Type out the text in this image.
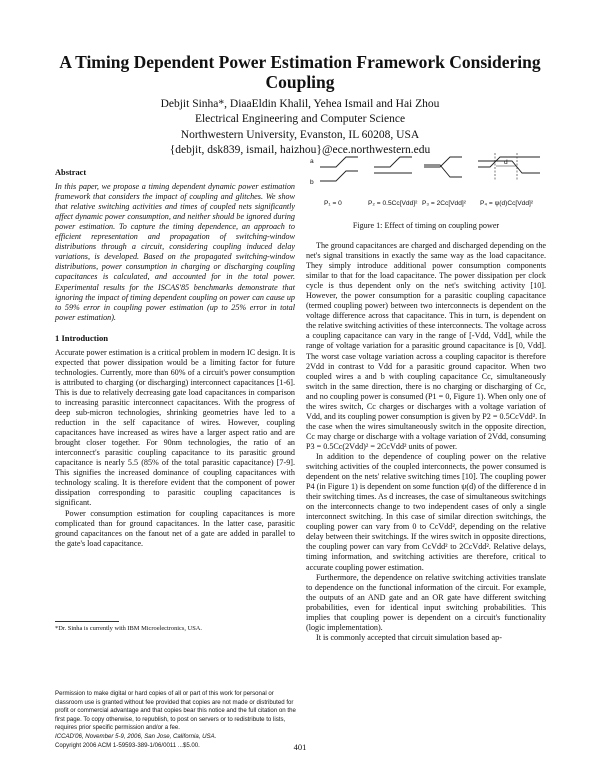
A Timing Dependent Power Estimation Framework Considering
Coupling
Debjit Sinha*, DiaaEldin Khalil, Yehea Ismail and Hai Zhou
Electrical Engineering and Computer Science
Northwestern University, Evanston, IL 60208, USA
{debjit, dsk839, ismail, haizhou}@ece.northwestern.edu

Abstract

In this paper, we propose a timing dependent dynamic power estimation framework that considers the impact of coupling and glitches. We show that relative switching activities and times of coupled nets significantly affect dynamic power consumption, and neither should be ignored during power estimation. To capture the timing dependence, an approach to efficient representation and propagation of switching-window distributions through a circuit, considering coupling induced delay variations, is developed. Based on the propagated switching-window distributions, power consumption in charging or discharging coupling capacitances is calculated, and accounted for in the total power. Experimental results for the ISCAS'85 benchmarks demonstrate that ignoring the impact of timing dependent coupling on power can cause up to 59% error in coupling power estimation (up to 25% error in total power estimation).

1 Introduction

Accurate power estimation is a critical problem in modern IC design. It is expected that power dissipation would be a limiting factor for future technologies. Currently, more than 60% of a circuit's power consumption is attributed to charging (or discharging) interconnect capacitances [1-6]. This is due to relatively decreasing gate load capacitances in comparison to increasing parasitic interconnect capacitances. With the progress of deep sub-micron technologies, shrinking geometries have led to a reduction in the self capacitance of wires. However, coupling capacitances have increased as wires have a larger aspect ratio and are brought closer together. For 90nm technologies, the ratio of an interconnect's parasitic coupling capacitance to its parasitic ground capacitance is nearly 5.5 (85% of the total parasitic capacitance) [7-9]. This signifies the increased dominance of coupling capacitances with technology scaling. It is therefore evident that the component of power dissipation corresponding to parasitic coupling capacitances is significant.

Power consumption estimation for coupling capacitances is more complicated than for ground capacitances. In the latter case, parasitic ground capacitances on the fanout net of a gate are added in parallel to the gate's load capacitance.

*Dr. Sinha is currently with IBM Microelectronics, USA.
Permission to make digital or hard copies of all or part of this work for personal or classroom use is granted without fee provided that copies are not made or distributed for profit or commercial advantage and that copies bear this notice and the full citation on the first page. To copy otherwise, to republish, to post on servers or to redistribute to lists, requires prior specific permission and/or a fee.
ICCAD'06, November 5-9, 2006, San Jose, California, USA.
Copyright 2006 ACM 1-59593-389-1/06/0011 ...$5.00.
a
b
d
P₁ = 0	P₂ = 0.5Cc[Vdd]² P₃ = 2Cc[Vdd]² P₄ = ψ(d)Cc[Vdd]²
Figure 1: Effect of timing on coupling power

The ground capacitances are charged and discharged depending on the net's signal transitions in exactly the same way as the load capacitance. They simply introduce additional power consumption components similar to that for the load capacitance. The power dissipation per clock cycle is thus dependent only on the net's switching activity [10]. However, the power consumption for a parasitic coupling capacitance (termed coupling power) between two interconnects is dependent on the voltage difference across that capacitance. This in turn, is dependent on the relative switching activities of these interconnects. The voltage across a coupling capacitance can vary in the range of [-Vdd, Vdd], while the range of voltage variation for a parasitic ground capacitance is [0, Vdd]. The worst case voltage variation across a coupling capacitor is therefore 2Vdd in contrast to Vdd for a parasitic ground capacitor. When two coupled wires a and b with coupling capacitance Cc, simultaneously switch in the same direction, there is no charging or discharging of Cc, and no coupling power is consumed (P1 = 0, Figure 1). When only one of the wires switch, Cc charges or discharges with a voltage variation of Vdd, and its coupling power consumption is given by P2 = 0.5CcVdd². In the case when the wires simultaneously switch in the opposite direction, Cc may charge or discharge with a voltage variation of 2Vdd, consuming P3 = 0.5Cc(2Vdd)² = 2CcVdd² units of power.

In addition to the dependence of coupling power on the relative switching activities of the coupled interconnects, the power consumed is dependent on the nets' relative switching times [10]. The coupling power P4 (in Figure 1) is dependent on some function ψ(d) of the difference d in their switching times. As d increases, the case of simultaneous switchings on the interconnects change to two independent cases of only a single interconnect switching. In this case of similar direction switchings, the coupling power can vary from 0 to CcVdd², depending on the relative delay between their switchings. If the wires switch in opposite directions, the coupling power can vary from CcVdd² to 2CcVdd². Relative delays, timing information, and switching activities are therefore, critical to accurate coupling power estimation.

Furthermore, the dependence on relative switching activities translate to dependence on the functional information of the circuit. For example, the outputs of an AND gate and an OR gate have different switching probabilities, even for identical input switching probabilities. This implies that coupling power is dependent on a circuit's functionality (logic implementation).

It is commonly accepted that circuit simulation based ap-

401
